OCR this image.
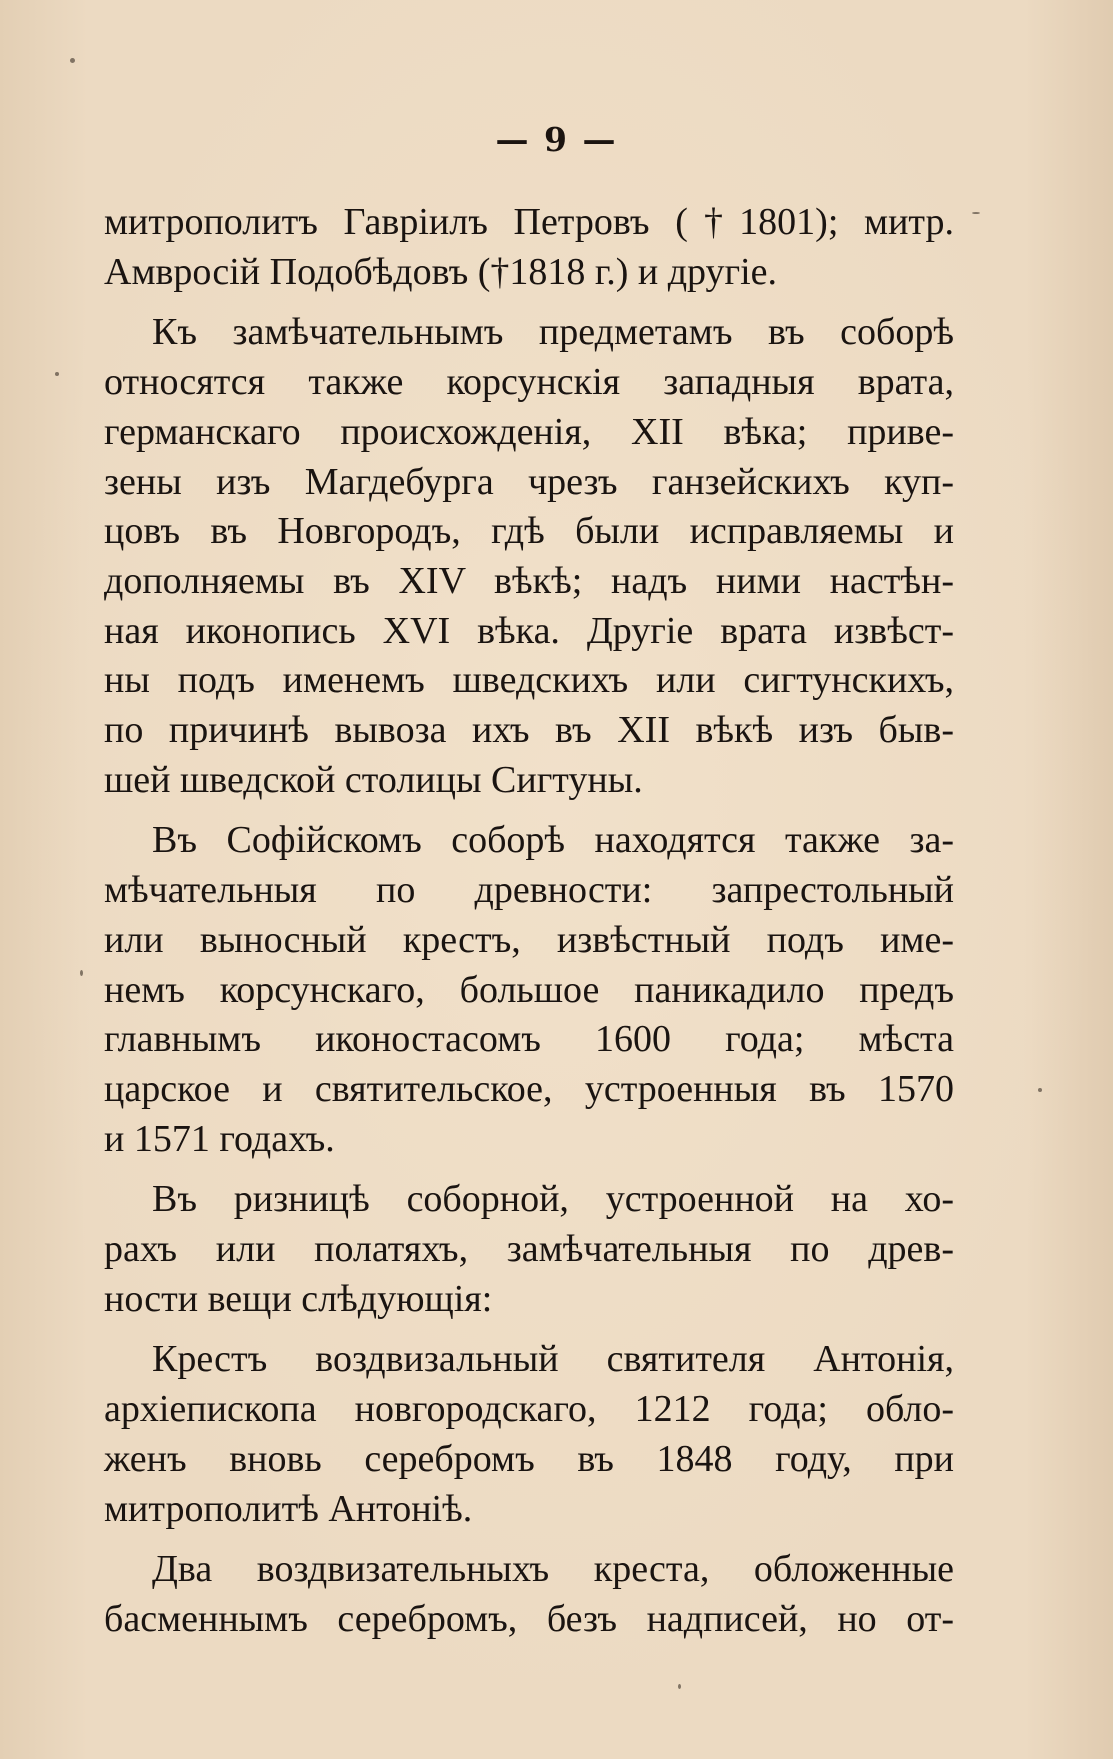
— 9 —

митрополитъ Гавріилъ Петровъ (†1801); митр.
Амвросій Подобѣдовъ (†1818 г.) и другіе.

Къ замѣчательнымъ предметамъ въ соборѣ
относятся также корсунскія западныя врата,
германскаго происхожденія, XII вѣка; приве-
зены изъ Магдебурга чрезъ ганзейскихъ куп-
цовъ въ Новгородъ, гдѣ были исправляемы и
дополняемы въ XIV вѣкѣ; надъ ними настѣн-
ная иконопись XVI вѣка. Другіе врата извѣст-
ны подъ именемъ шведскихъ или сигтунскихъ,
по причинѣ вывоза ихъ въ XII вѣкѣ изъ быв-
шей шведской столицы Сигтуны.

Въ Софійскомъ соборѣ находятся также за-
мѣчательныя по древности: запрестольный
или выносный крестъ, извѣстный подъ име-
немъ корсунскаго, большое паникадило предъ
главнымъ иконостасомъ 1600 года; мѣста
царское и святительское, устроенныя въ 1570
и 1571 годахъ.

Въ ризницѣ соборной, устроенной на хо-
рахъ или полатяхъ, замѣчательныя по древ-
ности вещи слѣдующія:

Крестъ воздвизальный святителя Антонія,
архіепископа новгородскаго, 1212 года; обло-
женъ вновь серебромъ въ 1848 году, при
митрополитѣ Антоніѣ.

Два воздвизательныхъ креста, обложенные
басменнымъ серебромъ, безъ надписей, но от-
